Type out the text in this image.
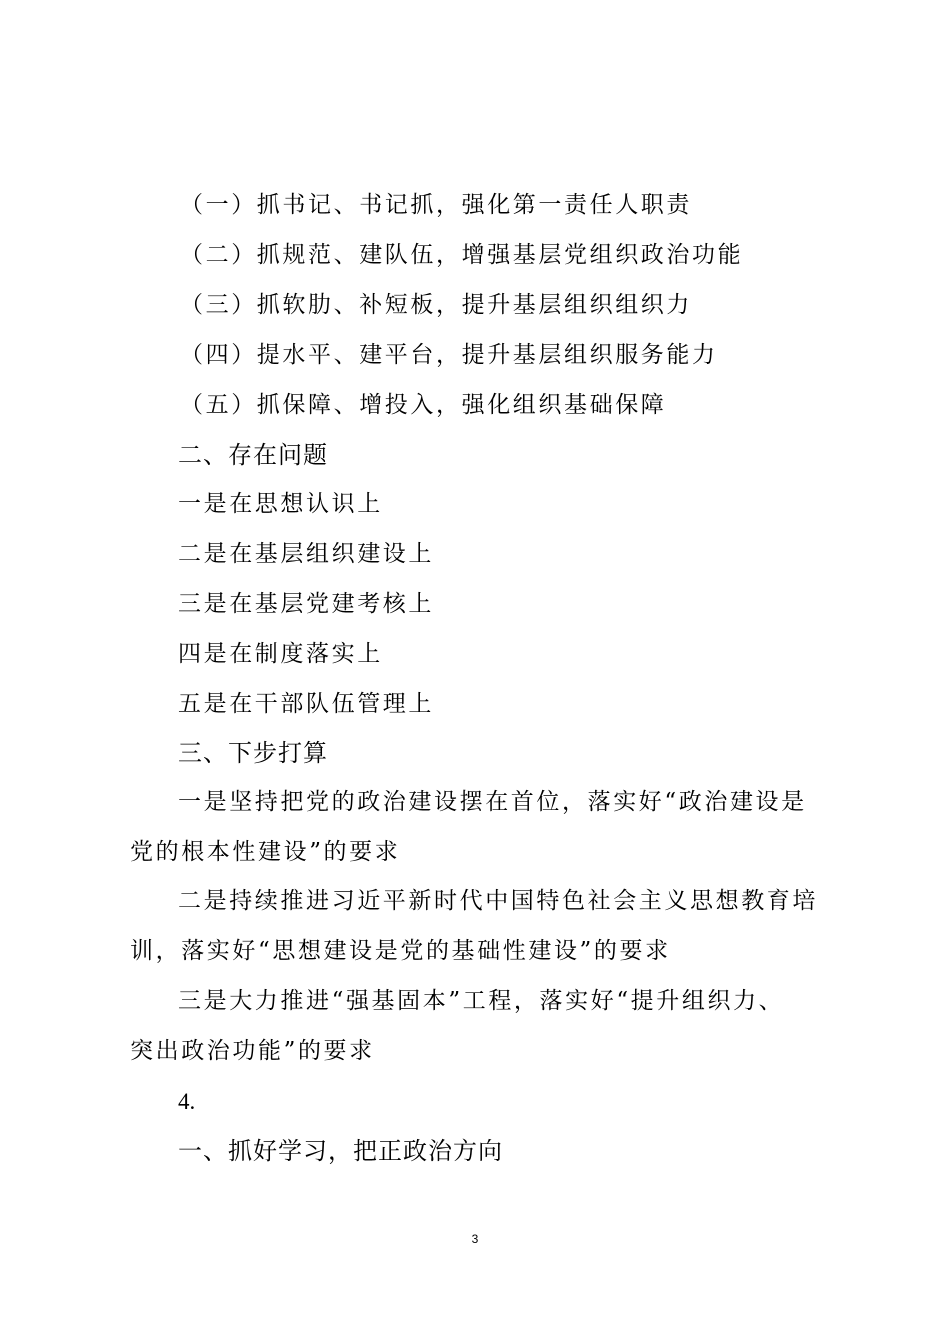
（一）抓书记、书记抓，强化第一责任人职责
（二）抓规范、建队伍，增强基层党组织政治功能
（三）抓软肋、补短板，提升基层组织组织力
（四）提水平、建平台，提升基层组织服务能力
（五）抓保障、增投入，强化组织基础保障
二、存在问题
一是在思想认识上
二是在基层组织建设上
三是在基层党建考核上
四是在制度落实上
五是在干部队伍管理上
三、下步打算
一是坚持把党的政治建设摆在首位，落实好“政治建设是
党的根本性建设”的要求
二是持续推进习近平新时代中国特色社会主义思想教育培
训，落实好“思想建设是党的基础性建设”的要求
三是大力推进“强基固本”工程，落实好“提升组织力、
突出政治功能”的要求
4.
一、抓好学习，把正政治方向
3
